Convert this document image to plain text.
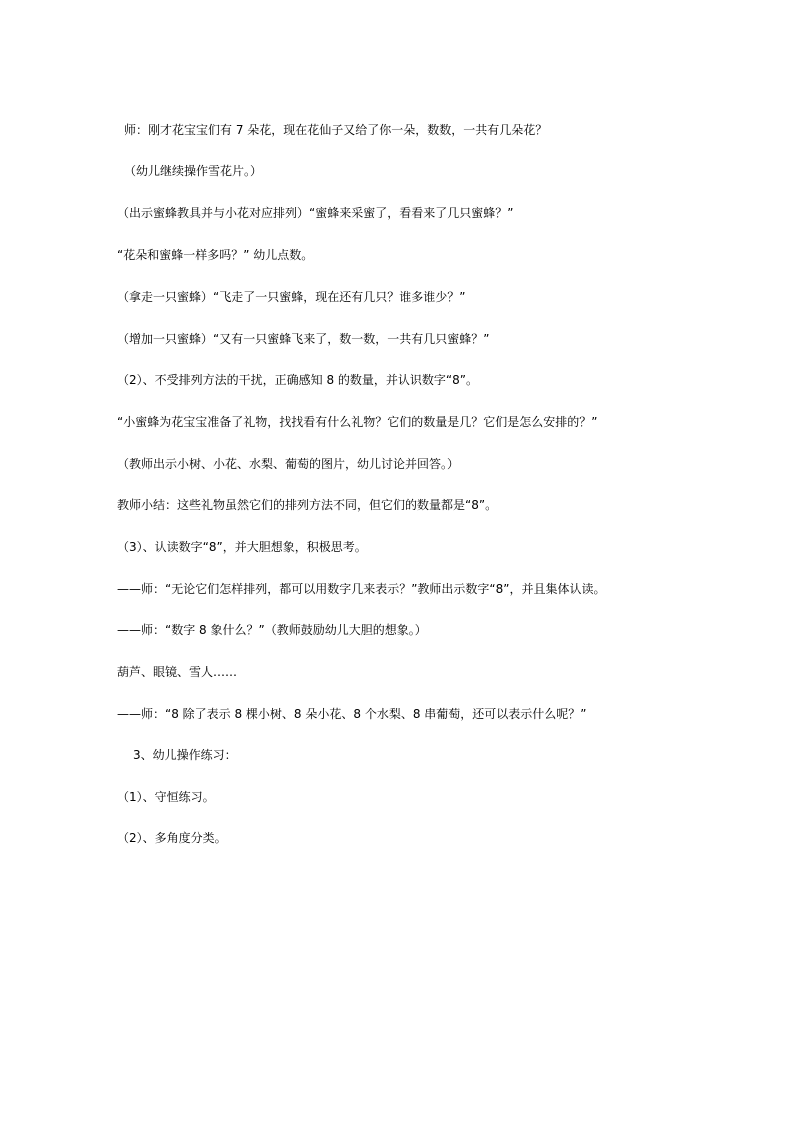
师：刚才花宝宝们有 7 朵花，现在花仙子又给了你一朵，数数，一共有几朵花？
（幼儿继续操作雪花片。）
（出示蜜蜂教具并与小花对应排列）“蜜蜂来采蜜了，看看来了几只蜜蜂？”
“花朵和蜜蜂一样多吗？” 幼儿点数。
（拿走一只蜜蜂）“飞走了一只蜜蜂，现在还有几只？谁多谁少？”
（增加一只蜜蜂）“又有一只蜜蜂飞来了，数一数，一共有几只蜜蜂？”
（2）、不受排列方法的干扰，正确感知 8 的数量，并认识数字“8”。
“小蜜蜂为花宝宝准备了礼物，找找看有什么礼物？它们的数量是几？它们是怎么安排的？”
（教师出示小树、小花、水梨、葡萄的图片，幼儿讨论并回答。）
教师小结：这些礼物虽然它们的排列方法不同，但它们的数量都是“8”。
（3）、认读数字“8”，并大胆想象，积极思考。
——师：“无论它们怎样排列，都可以用数字几来表示？”教师出示数字“8”，并且集体认读。
——师：“数字 8 象什么？”（教师鼓励幼儿大胆的想象。）
葫芦、眼镜、雪人……
——师：“8 除了表示 8 棵小树、8 朵小花、8 个水梨、8 串葡萄，还可以表示什么呢？”
3、幼儿操作练习：
（1）、守恒练习。
（2）、多角度分类。
